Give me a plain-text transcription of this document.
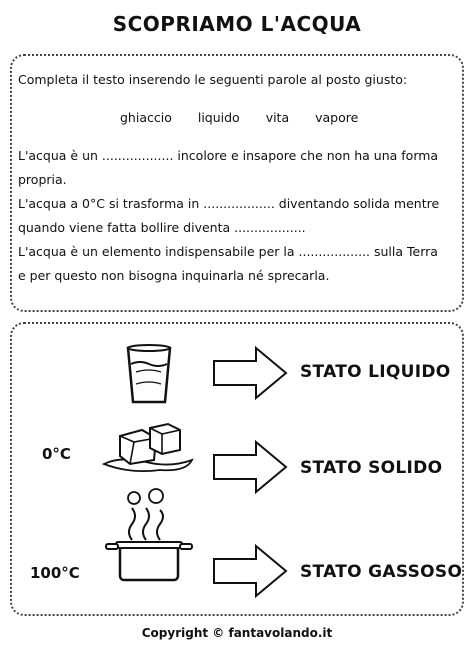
SCOPRIAMO L'ACQUA
Completa il testo inserendo le seguenti parole al posto giusto:
ghiaccio liquido vita vapore
L'acqua è un .................. incolore e insapore che non ha una forma
propria.
L'acqua a 0°C si trasforma in .................. diventando solida mentre
quando viene fatta bollire diventa ..................
L'acqua è un elemento indispensabile per la .................. sulla Terra
e per questo non bisogna inquinarla né sprecarla.
STATO LIQUIDO
0°C
STATO SOLIDO
100°C	STATO GASSOSO
Copyright © fantavolando.it
